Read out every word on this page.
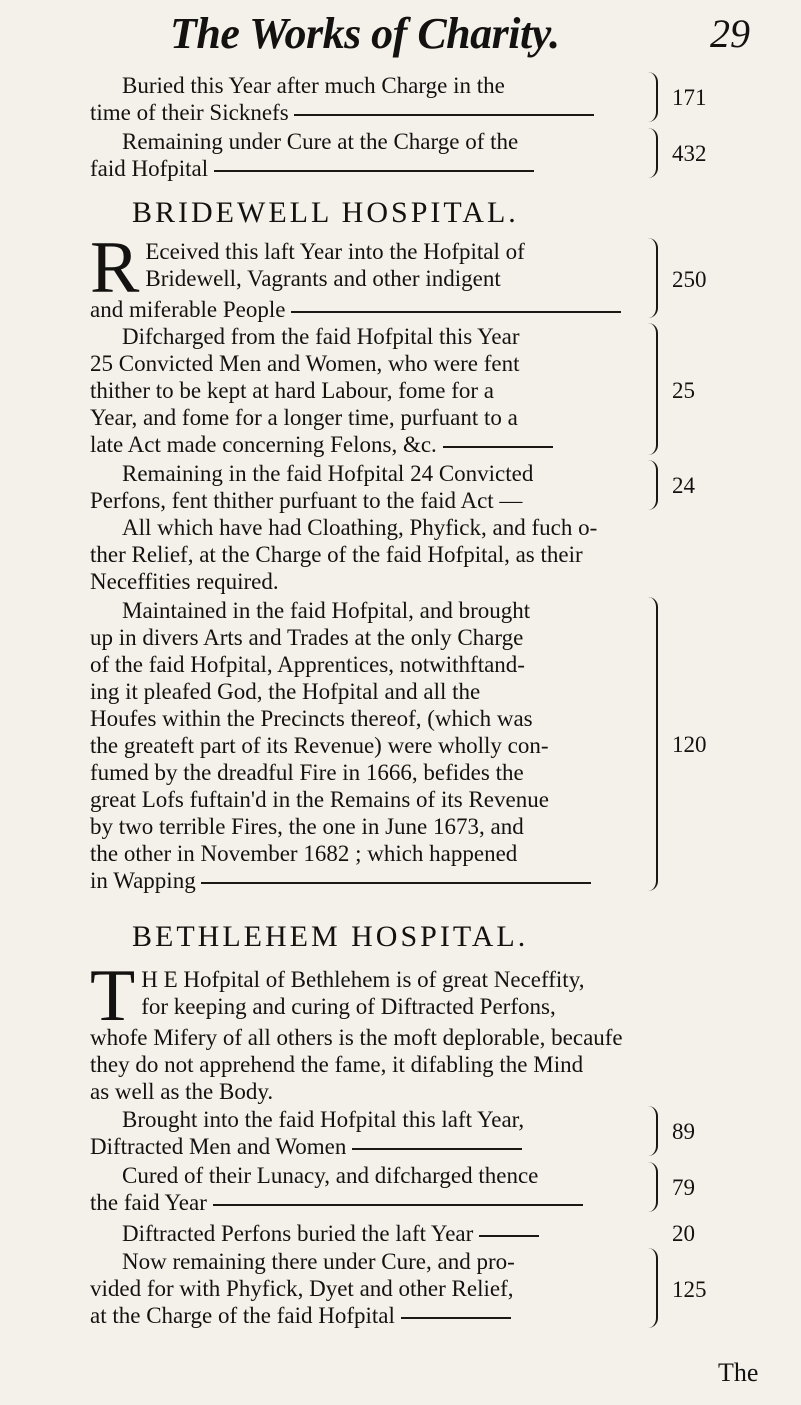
The Works of Charity.	29
Buried this Year after much Charge in the
time of their Sicknefs
171
Remaining under Cure at the Charge of the
faid Hofpital
432
BRIDEWELL HOSPITAL.
R Eceived this laft Year into the Hofpital of
Bridewell, Vagrants and other indigent
and miferable People
250
Difcharged from the faid Hofpital this Year
25 Convicted Men and Women, who were fent
thither to be kept at hard Labour, fome for a
Year, and fome for a longer time, purfuant to a
late Act made concerning Felons, &c.
25
Remaining in the faid Hofpital 24 Convicted
Perfons, fent thither purfuant to the faid Act —
24
All which have had Cloathing, Phyfick, and fuch o-
ther Relief, at the Charge of the faid Hofpital, as their
Neceffities required.
Maintained in the faid Hofpital, and brought
up in divers Arts and Trades at the only Charge
of the faid Hofpital, Apprentices, notwithftand-
ing it pleafed God, the Hofpital and all the
Houfes within the Precincts thereof, (which was
the greateft part of its Revenue) were wholly con-
fumed by the dreadful Fire in 1666, befides the
great Lofs fuftain'd in the Remains of its Revenue
by two terrible Fires, the one in June 1673, and
the other in November 1682 ; which happened
in Wapping
120
BETHLEHEM HOSPITAL.
T H E Hofpital of Bethlehem is of great Neceffity,
for keeping and curing of Diftracted Perfons,
whofe Mifery of all others is the moft deplorable, becaufe
they do not apprehend the fame, it difabling the Mind
as well as the Body.
Brought into the faid Hofpital this laft Year,
Diftracted Men and Women
89
Cured of their Lunacy, and difcharged thence
the faid Year
79
Diftracted Perfons buried the laft Year	20
Now remaining there under Cure, and pro-
vided for with Phyfick, Dyet and other Relief,
at the Charge of the faid Hofpital
125
The
